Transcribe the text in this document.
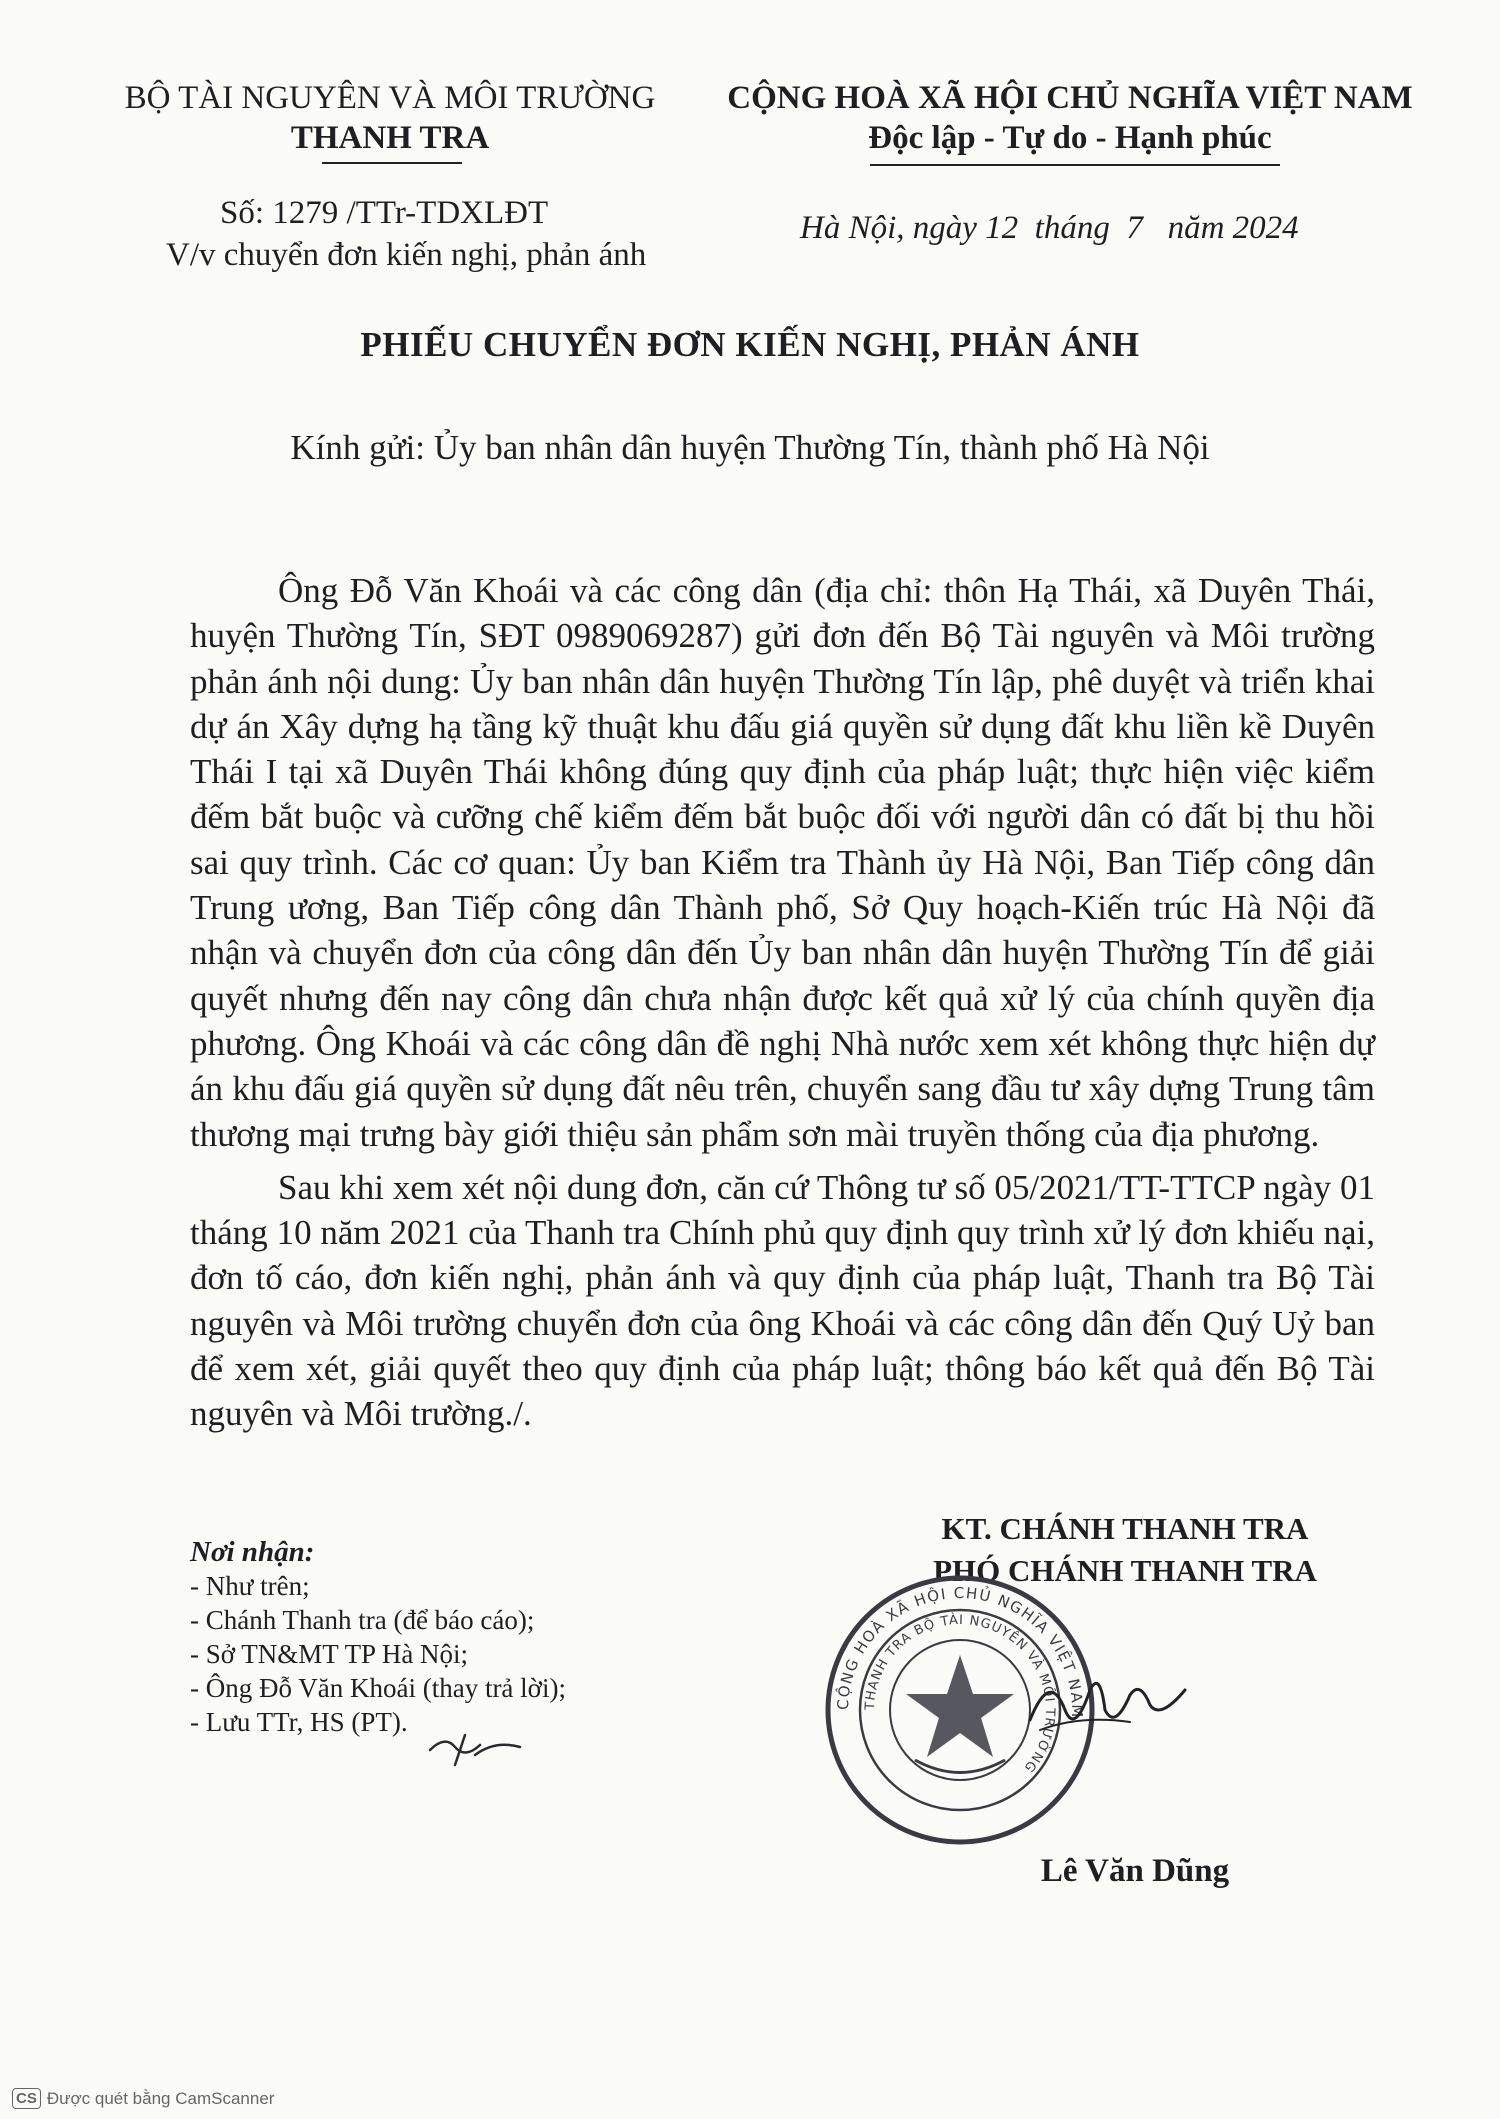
BỘ TÀI NGUYÊN VÀ MÔI TRƯỜNG
THANH TRA
CỘNG HOÀ XÃ HỘI CHỦ NGHĨA VIỆT NAM
Độc lập - Tự do - Hạnh phúc
Số: 1279 /TTr-TDXLĐT
V/v chuyển đơn kiến nghị, phản ánh
Hà Nội, ngày 12  tháng  7   năm 2024
PHIẾU CHUYỂN ĐƠN KIẾN NGHỊ, PHẢN ÁNH
Kính gửi: Ủy ban nhân dân huyện Thường Tín, thành phố Hà Nội

Ông Đỗ Văn Khoái và các công dân (địa chỉ: thôn Hạ Thái, xã Duyên Thái, huyện Thường Tín, SĐT 0989069287) gửi đơn đến Bộ Tài nguyên và Môi trường phản ánh nội dung: Ủy ban nhân dân huyện Thường Tín lập, phê duyệt và triển khai dự án Xây dựng hạ tầng kỹ thuật khu đấu giá quyền sử dụng đất khu liền kề Duyên Thái I tại xã Duyên Thái không đúng quy định của pháp luật; thực hiện việc kiểm đếm bắt buộc và cưỡng chế kiểm đếm bắt buộc đối với người dân có đất bị thu hồi sai quy trình. Các cơ quan: Ủy ban Kiểm tra Thành ủy Hà Nội, Ban Tiếp công dân Trung ương, Ban Tiếp công dân Thành phố, Sở Quy hoạch-Kiến trúc Hà Nội đã nhận và chuyển đơn của công dân đến Ủy ban nhân dân huyện Thường Tín để giải quyết nhưng đến nay công dân chưa nhận được kết quả xử lý của chính quyền địa phương. Ông Khoái và các công dân đề nghị Nhà nước xem xét không thực hiện dự án khu đấu giá quyền sử dụng đất nêu trên, chuyển sang đầu tư xây dựng Trung tâm thương mại trưng bày giới thiệu sản phẩm sơn mài truyền thống của địa phương.

Sau khi xem xét nội dung đơn, căn cứ Thông tư số 05/2021/TT-TTCP ngày 01 tháng 10 năm 2021 của Thanh tra Chính phủ quy định quy trình xử lý đơn khiếu nại, đơn tố cáo, đơn kiến nghị, phản ánh và quy định của pháp luật, Thanh tra Bộ Tài nguyên và Môi trường chuyển đơn của ông Khoái và các công dân đến Quý Uỷ ban để xem xét, giải quyết theo quy định của pháp luật; thông báo kết quả đến Bộ Tài nguyên và Môi trường./.

Nơi nhận:
- Như trên;
- Chánh Thanh tra (để báo cáo);
- Sở TN&MT TP Hà Nội;
- Ông Đỗ Văn Khoái (thay trả lời);
- Lưu TTr, HS (PT).
KT. CHÁNH THANH TRA
PHÓ CHÁNH THANH TRA
CỘNG HOÀ XÃ HỘI CHỦ NGHĨA VIỆT NAM
THANH TRA BỘ TÀI NGUYÊN VÀ MÔI TRƯỜNG
Lê Văn Dũng
CS Được quét bằng CamScanner
